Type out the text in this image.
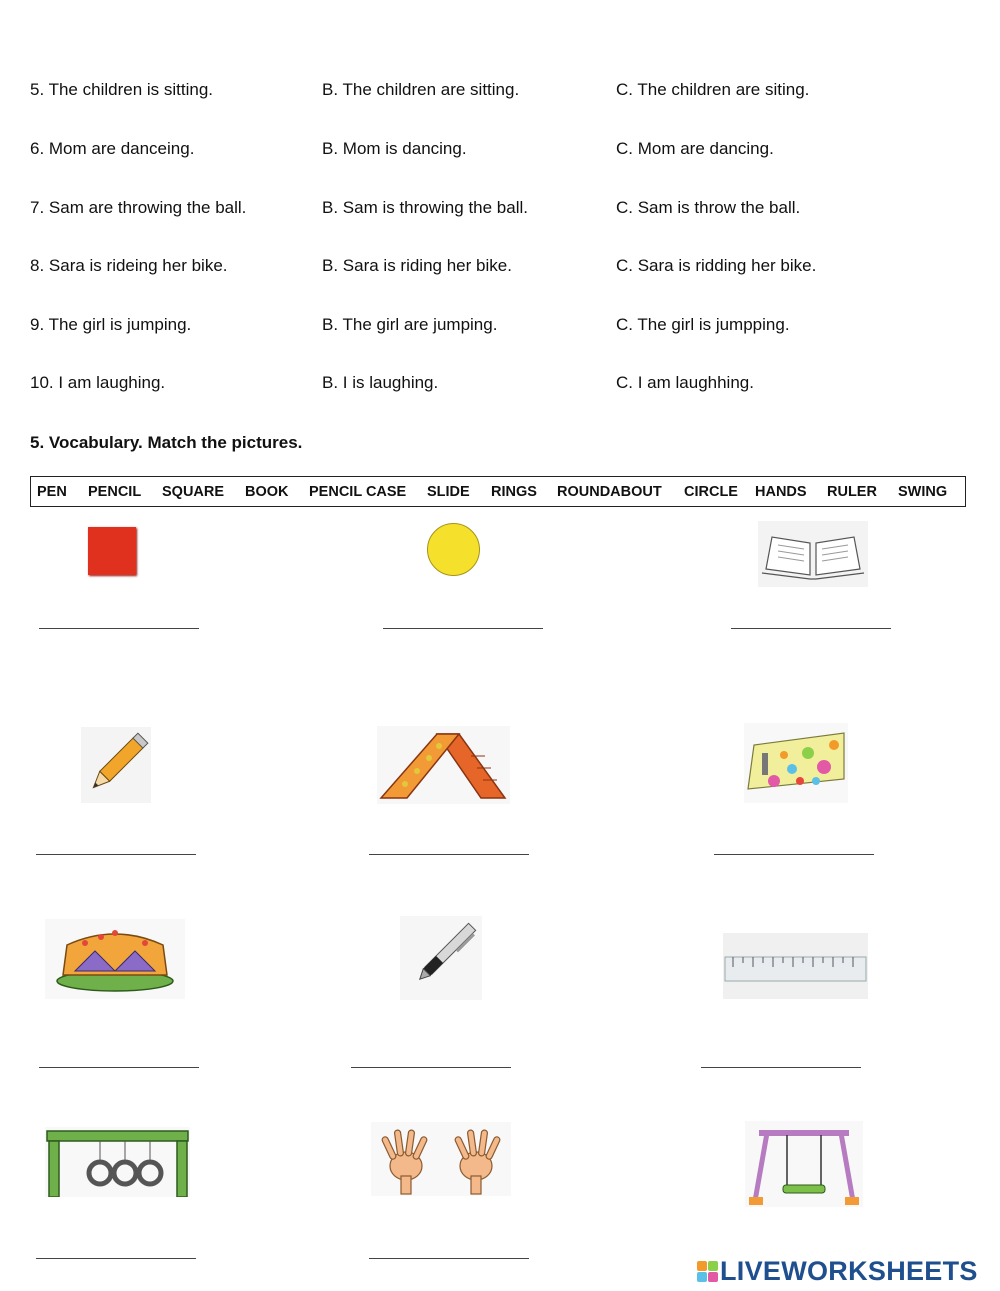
5. The children is sitting.	B. The children are sitting.	C. The children are siting.
6. Mom are danceing.	B. Mom is dancing.	C. Mom are dancing.
7. Sam are throwing the ball.	B. Sam is throwing the ball.	C. Sam is throw the ball.
8. Sara is rideing her bike.	B. Sara is riding her bike.	C. Sara is ridding her bike.
9. The girl is jumping.	B. The girl are jumping.	C. The girl is jumpping.
10. I am laughing.	B. I is laughing.	C. I am laughhing.
5. Vocabulary. Match the pictures.
PEN PENCIL SQUARE BOOK PENCIL CASE SLIDE RINGS ROUNDABOUT CIRCLE HANDS RULER SWING
LIVEWORKSHEETS
